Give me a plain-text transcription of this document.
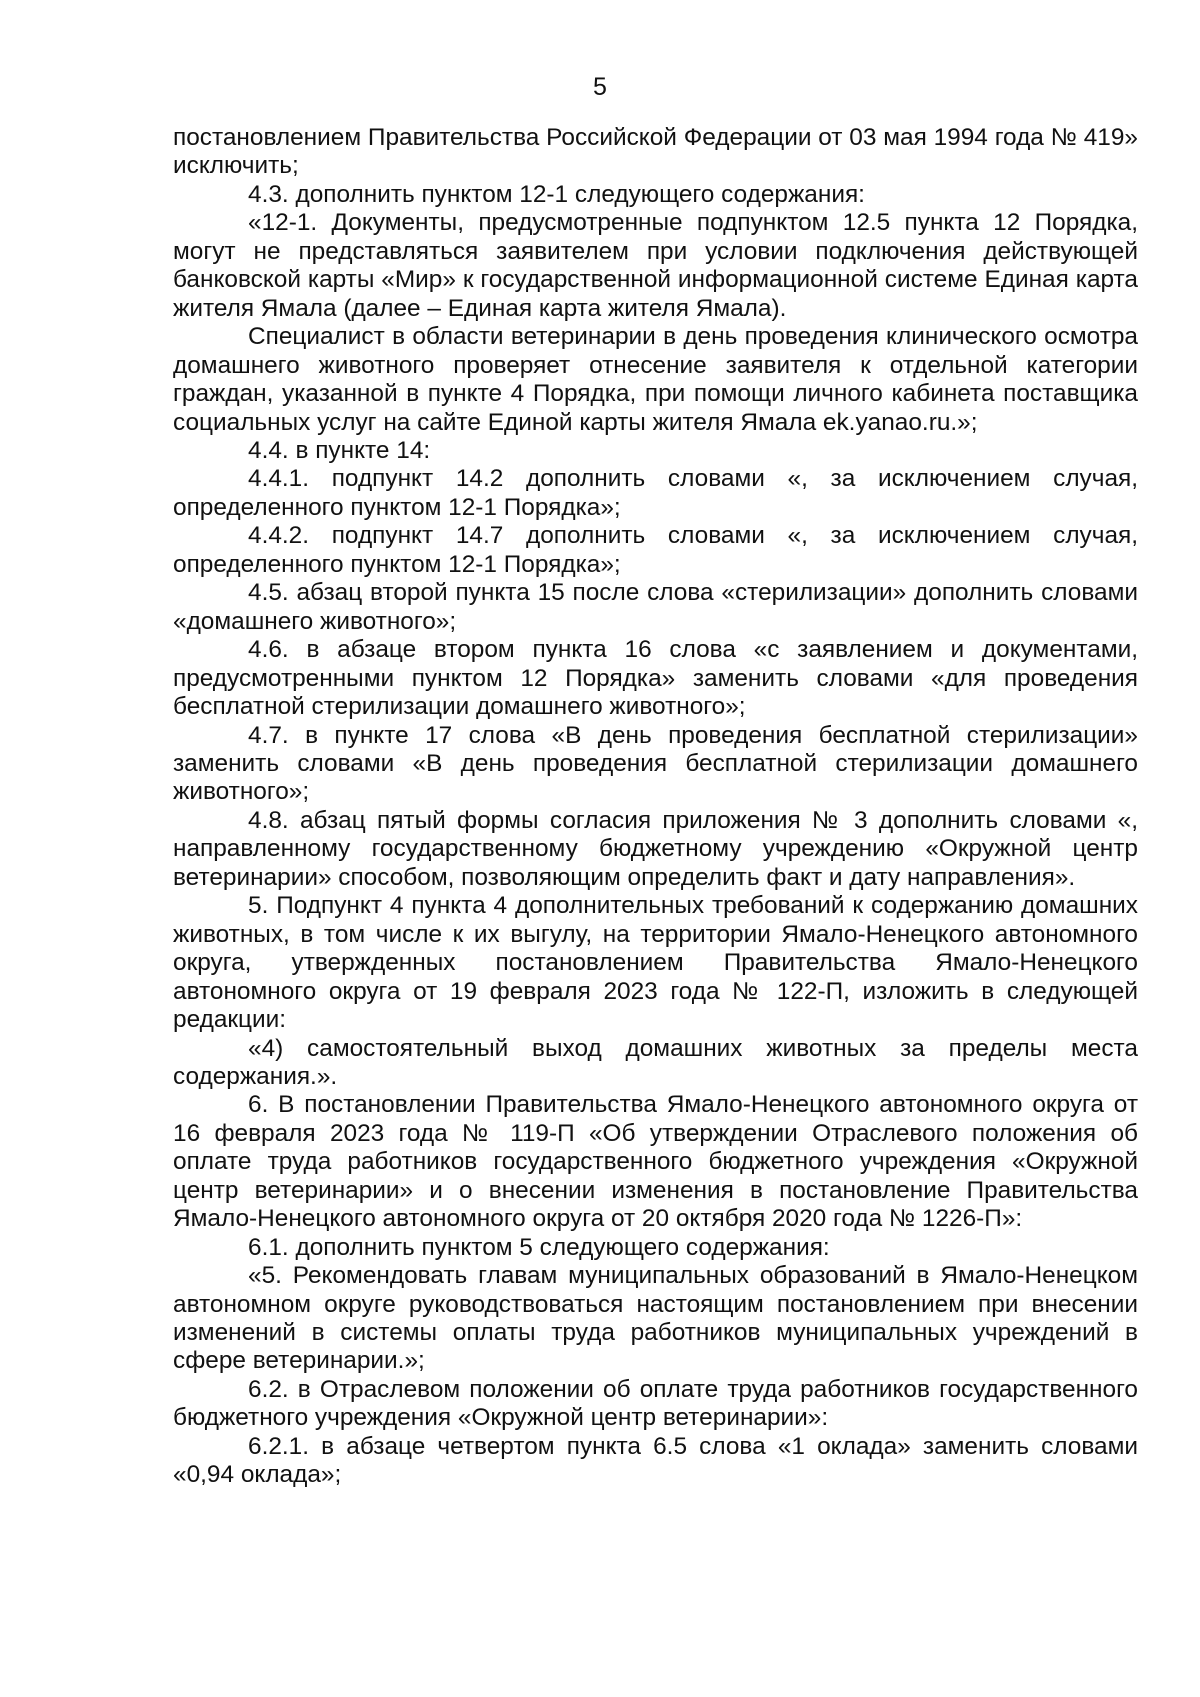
5

постановлением Правительства Российской Федерации от 03 мая 1994 года № 419» исключить;

4.3. дополнить пунктом 12-1 следующего содержания:

«12-1. Документы, предусмотренные подпунктом 12.5 пункта 12 Порядка, могут не представляться заявителем при условии подключения действующей банковской карты «Мир» к государственной информационной системе Единая карта жителя Ямала (далее – Единая карта жителя Ямала).

Специалист в области ветеринарии в день проведения клинического осмотра домашнего животного проверяет отнесение заявителя к отдельной категории граждан, указанной в пункте 4 Порядка, при помощи личного кабинета поставщика социальных услуг на сайте Единой карты жителя Ямала ek.yanao.ru.»;

4.4. в пункте 14:

4.4.1. подпункт 14.2 дополнить словами «, за исключением случая, определенного пунктом 12-1 Порядка»;

4.4.2. подпункт 14.7 дополнить словами «, за исключением случая, определенного пунктом 12-1 Порядка»;

4.5. абзац второй пункта 15 после слова «стерилизации» дополнить словами «домашнего животного»;

4.6. в абзаце втором пункта 16 слова «с заявлением и документами, предусмотренными пунктом 12 Порядка» заменить словами «для проведения бесплатной стерилизации домашнего животного»;

4.7. в пункте 17 слова «В день проведения бесплатной стерилизации» заменить словами «В день проведения бесплатной стерилизации домашнего животного»;

4.8. абзац пятый формы согласия приложения № 3 дополнить словами «, направленному государственному бюджетному учреждению «Окружной центр ветеринарии» способом, позволяющим определить факт и дату направления».

5. Подпункт 4 пункта 4 дополнительных требований к содержанию домашних животных, в том числе к их выгулу, на территории Ямало-Ненецкого автономного округа, утвержденных постановлением Правительства Ямало-Ненецкого автономного округа от 19 февраля 2023 года № 122-П, изложить в следующей редакции:

«4) самостоятельный выход домашних животных за пределы места содержания.».

6. В постановлении Правительства Ямало-Ненецкого автономного округа от 16 февраля 2023 года № 119-П «Об утверждении Отраслевого положения об оплате труда работников государственного бюджетного учреждения «Окружной центр ветеринарии» и о внесении изменения в постановление Правительства Ямало-Ненецкого автономного округа от 20 октября 2020 года № 1226-П»:

6.1. дополнить пунктом 5 следующего содержания:

«5. Рекомендовать главам муниципальных образований в Ямало-Ненецком автономном округе руководствоваться настоящим постановлением при внесении изменений в системы оплаты труда работников муниципальных учреждений в сфере ветеринарии.»;

6.2. в Отраслевом положении об оплате труда работников государственного бюджетного учреждения «Окружной центр ветеринарии»:

6.2.1. в абзаце четвертом пункта 6.5 слова «1 оклада» заменить словами «0,94 оклада»;
